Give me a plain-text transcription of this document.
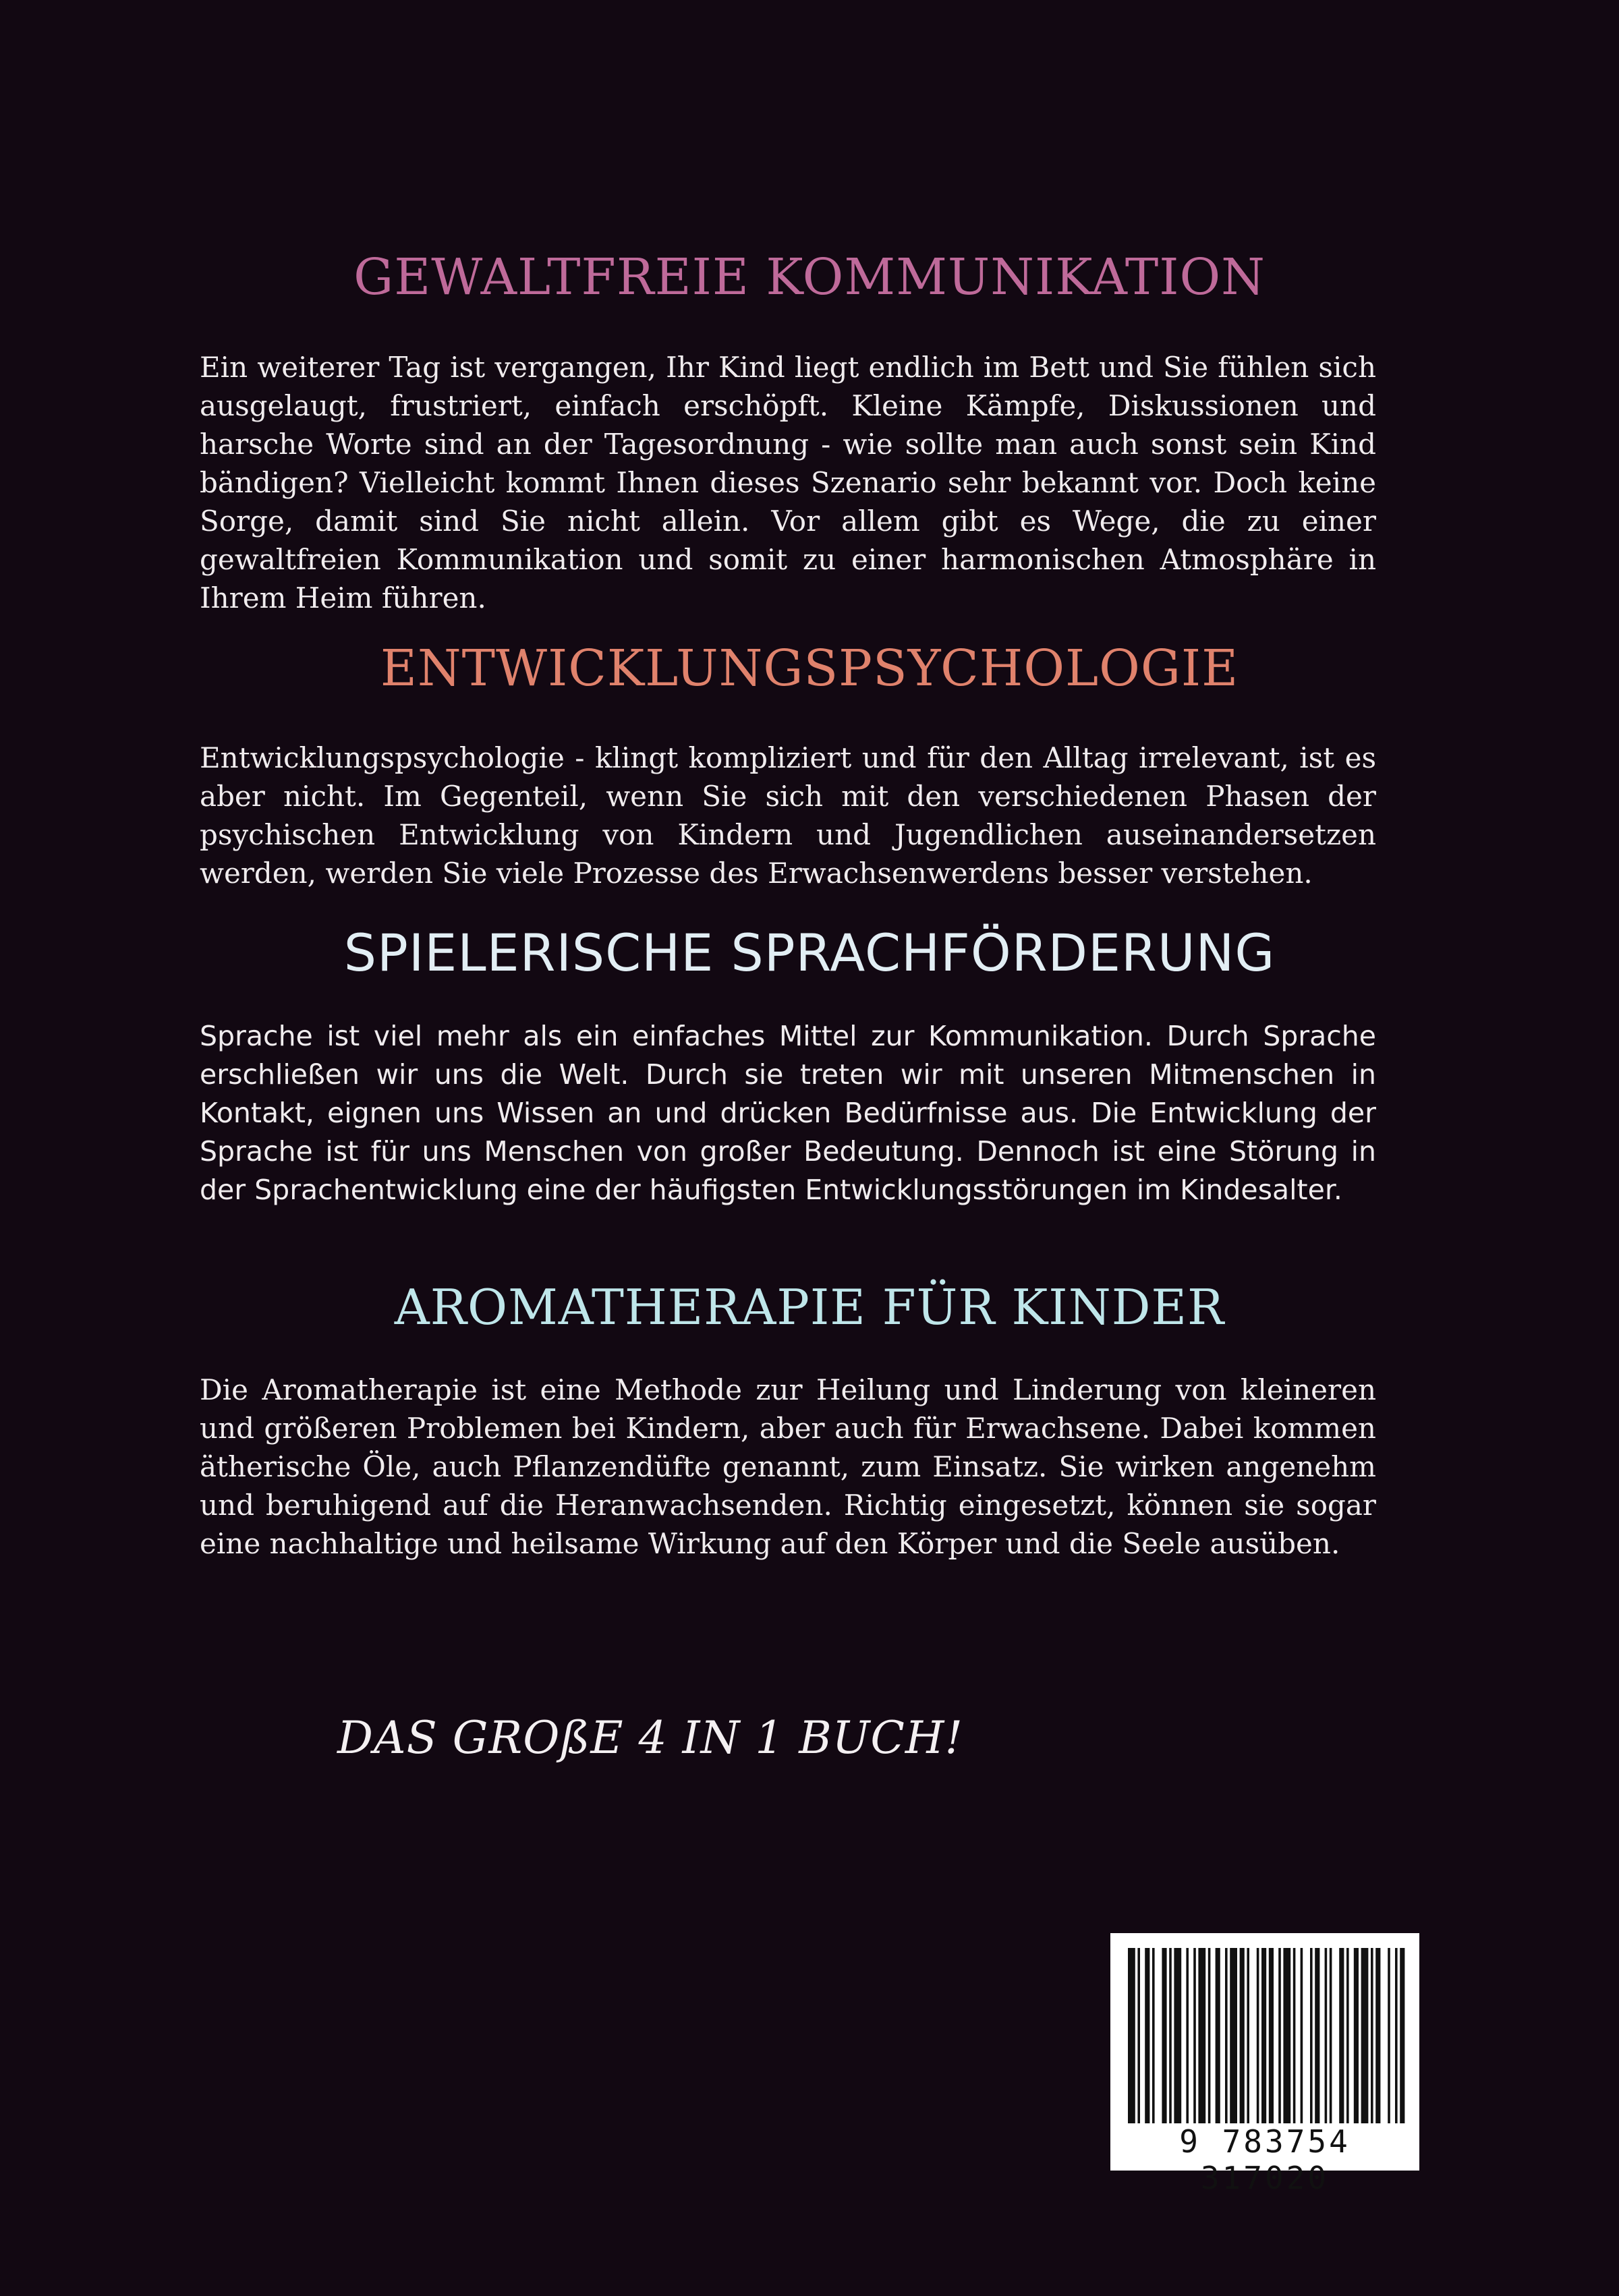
GEWALTFREIE KOMMUNIKATION

Ein weiterer Tag ist vergangen, Ihr Kind liegt endlich im Bett und Sie fühlen sich ausgelaugt, frustriert, einfach erschöpft. Kleine Kämpfe, Diskussionen und harsche Worte sind an der Tagesordnung - wie sollte man auch sonst sein Kind bändigen? Vielleicht kommt Ihnen dieses Szenario sehr bekannt vor. Doch keine Sorge, damit sind Sie nicht allein. Vor allem gibt es Wege, die zu einer gewaltfreien Kommunikation und somit zu einer harmonischen Atmosphäre in Ihrem Heim führen.

ENTWICKLUNGSPSYCHOLOGIE

Entwicklungspsychologie - klingt kompliziert und für den Alltag irrelevant, ist es aber nicht. Im Gegenteil, wenn Sie sich mit den verschiedenen Phasen der psychischen Entwicklung von Kindern und Jugendlichen auseinandersetzen werden, werden Sie viele Prozesse des Erwachsenwerdens besser verstehen.

SPIELERISCHE SPRACHFÖRDERUNG

Sprache ist viel mehr als ein einfaches Mittel zur Kommunikation. Durch Sprache erschließen wir uns die Welt. Durch sie treten wir mit unseren Mitmenschen in Kontakt, eignen uns Wissen an und drücken Bedürfnisse aus. Die Entwicklung der Sprache ist für uns Menschen von großer Bedeutung. Dennoch ist eine Störung in der Sprachentwicklung eine der häufigsten Entwicklungsstörungen im Kindesalter.

AROMATHERAPIE FÜR KINDER

Die Aromatherapie ist eine Methode zur Heilung und Linderung von kleineren und größeren Problemen bei Kindern, aber auch für Erwachsene. Dabei kommen ätherische Öle, auch Pflanzendüfte genannt, zum Einsatz. Sie wirken angenehm und beruhigend auf die Heranwachsenden. Richtig eingesetzt, können sie sogar eine nachhaltige und heilsame Wirkung auf den Körper und die Seele ausüben.

DAS GROßE 4 IN 1 BUCH!

9 783754 317020
